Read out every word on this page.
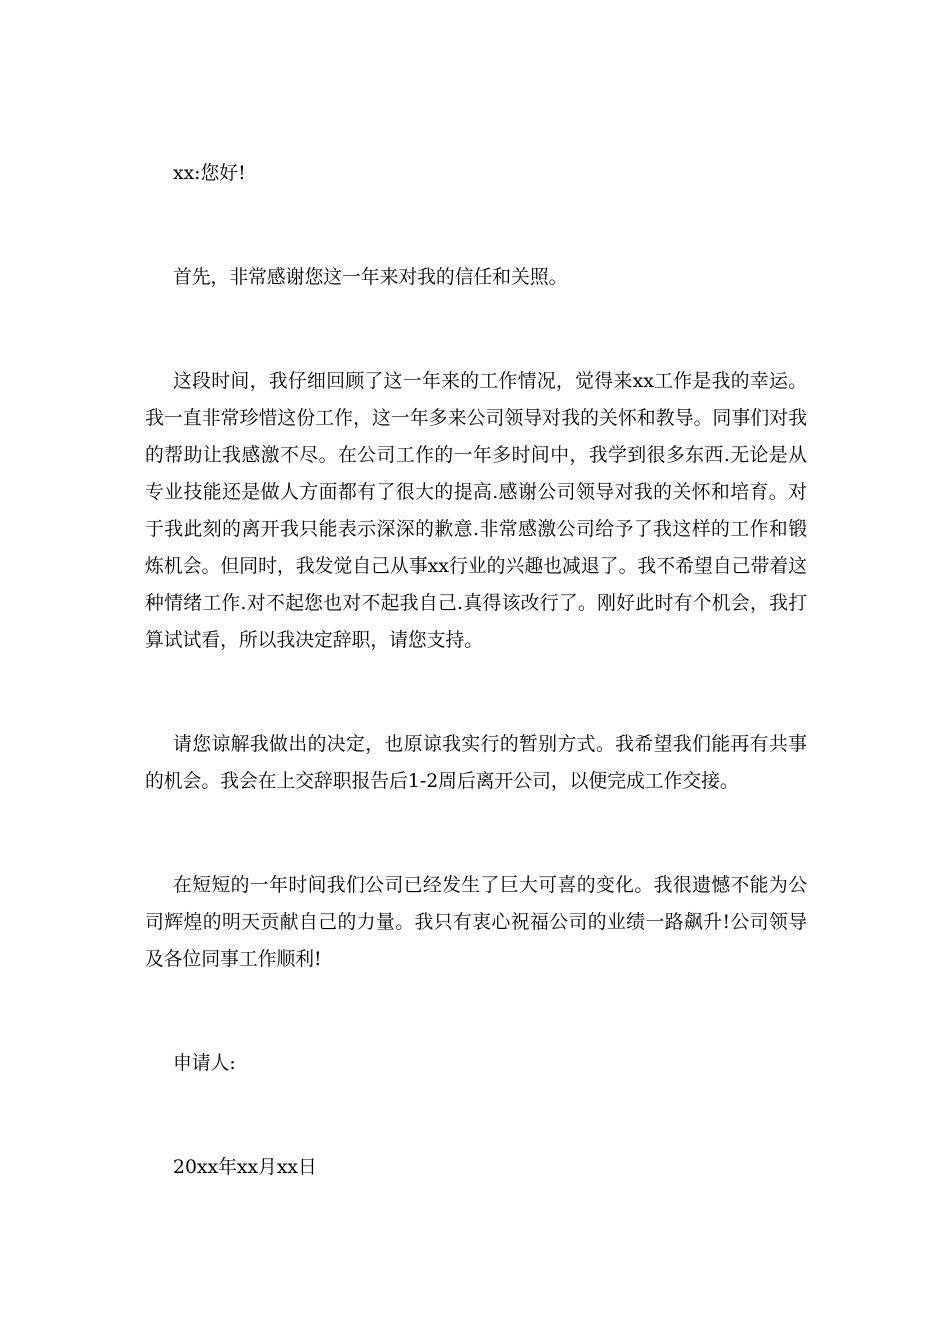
xx:您好!

首先，非常感谢您这一年来对我的信任和关照。

这段时间，我仔细回顾了这一年来的工作情况，觉得来xx工作是我的幸运。我一直非常珍惜这份工作，这一年多来公司领导对我的关怀和教导。同事们对我的帮助让我感激不尽。在公司工作的一年多时间中，我学到很多东西.无论是从专业技能还是做人方面都有了很大的提高.感谢公司领导对我的关怀和培育。对于我此刻的离开我只能表示深深的歉意.非常感激公司给予了我这样的工作和锻炼机会。但同时，我发觉自己从事xx行业的兴趣也减退了。我不希望自己带着这种情绪工作.对不起您也对不起我自己.真得该改行了。刚好此时有个机会，我打算试试看，所以我决定辞职，请您支持。

请您谅解我做出的决定，也原谅我实行的暂别方式。我希望我们能再有共事的机会。我会在上交辞职报告后1-2周后离开公司，以便完成工作交接。

在短短的一年时间我们公司已经发生了巨大可喜的变化。我很遗憾不能为公司辉煌的明天贡献自己的力量。我只有衷心祝福公司的业绩一路飙升!公司领导及各位同事工作顺利!

申请人:

20xx年xx月xx日
